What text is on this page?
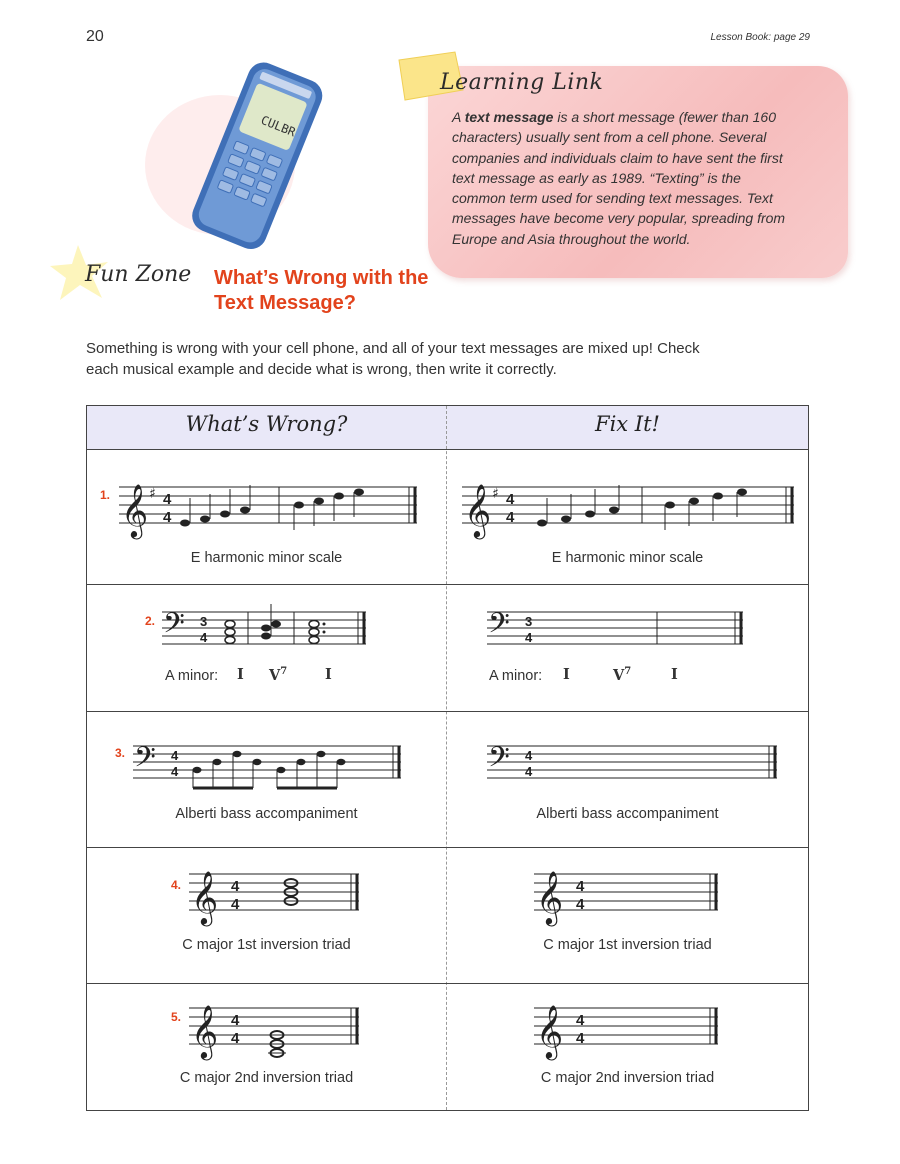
20	Lesson Book: page 29
CULBR
Learning Link
A text message is a short message (fewer than 160 characters) usually sent from a cell phone. Several companies and individuals claim to have sent the first text message as early as 1989. “Texting” is the common term used for sending text messages. Text messages have become very popular, spreading from Europe and Asia throughout the world.
Fun Zone What’s Wrong with the Text Message?
Something is wrong with your cell phone, and all of your text messages are mixed up! Check each musical example and decide what is wrong, then write it correctly.
What’s Wrong?	Fix It!
1. 𝄞 ♯ 4
4
E harmonic minor scale
𝄞 ♯ 4
4
E harmonic minor scale
2. 𝄢 3
4
A minor: I $V^7$	I
𝄢 3
4
A minor: I	$V^7$	I
3. 𝄢 4
4
Alberti bass accompaniment
𝄢 4
4
Alberti bass accompaniment
4. 𝄞 4
4
C major 1st inversion triad
𝄞 4
4
C major 1st inversion triad
5. 𝄞 4
4
C major 2nd inversion triad
𝄞 4
4
C major 2nd inversion triad
